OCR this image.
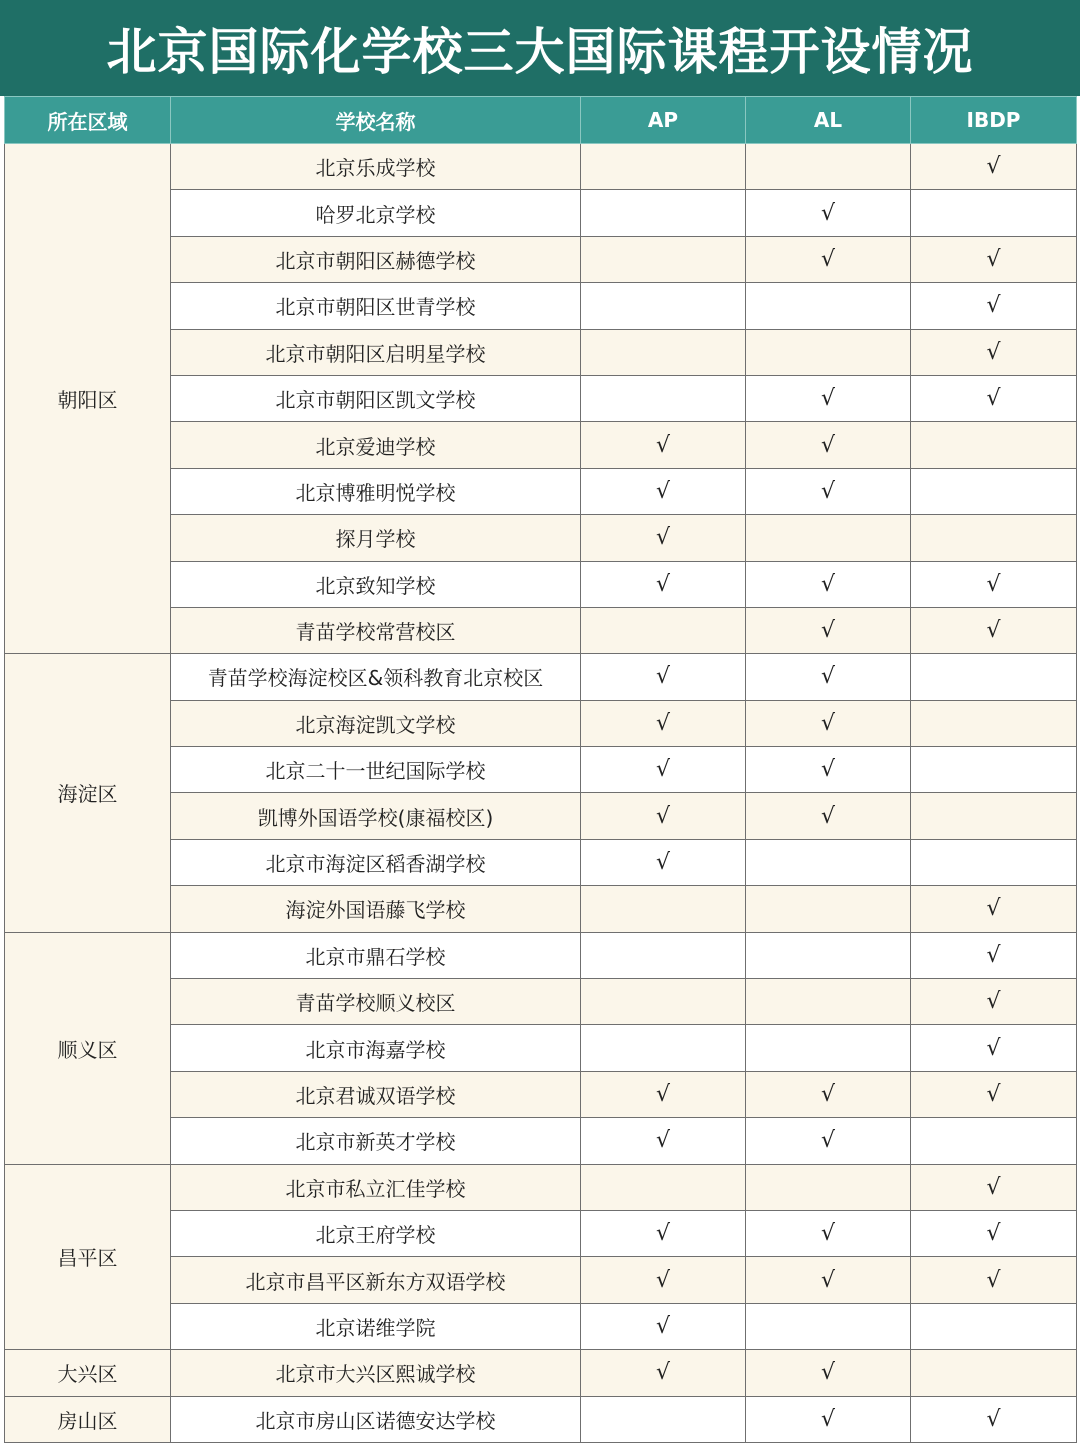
北京国际化学校三大国际课程开设情况
所在区域	学校名称	AP	AL	IBDP
朝阳区	北京乐成学校			√
	哈罗北京学校		√	
	北京市朝阳区赫德学校		√	√
	北京市朝阳区世青学校			√
	北京市朝阳区启明星学校			√
	北京市朝阳区凯文学校		√	√
	北京爱迪学校	√	√	
	北京博雅明悦学校	√	√	
	探月学校	√		
	北京致知学校	√	√	√
	青苗学校常营校区		√	√
海淀区	青苗学校海淀校区&领科教育北京校区	√	√	
	北京海淀凯文学校	√	√	
	北京二十一世纪国际学校	√	√	
	凯博外国语学校(康福校区)	√	√	
	北京市海淀区稻香湖学校	√		
	海淀外国语藤飞学校			√
顺义区	北京市鼎石学校			√
	青苗学校顺义校区			√
	北京市海嘉学校			√
	北京君诚双语学校	√	√	√
	北京市新英才学校	√	√	
昌平区	北京市私立汇佳学校			√
	北京王府学校	√	√	√
	北京市昌平区新东方双语学校	√	√	√
	北京诺维学院	√		
大兴区	北京市大兴区熙诚学校	√	√	
房山区	北京市房山区诺德安达学校		√	√
